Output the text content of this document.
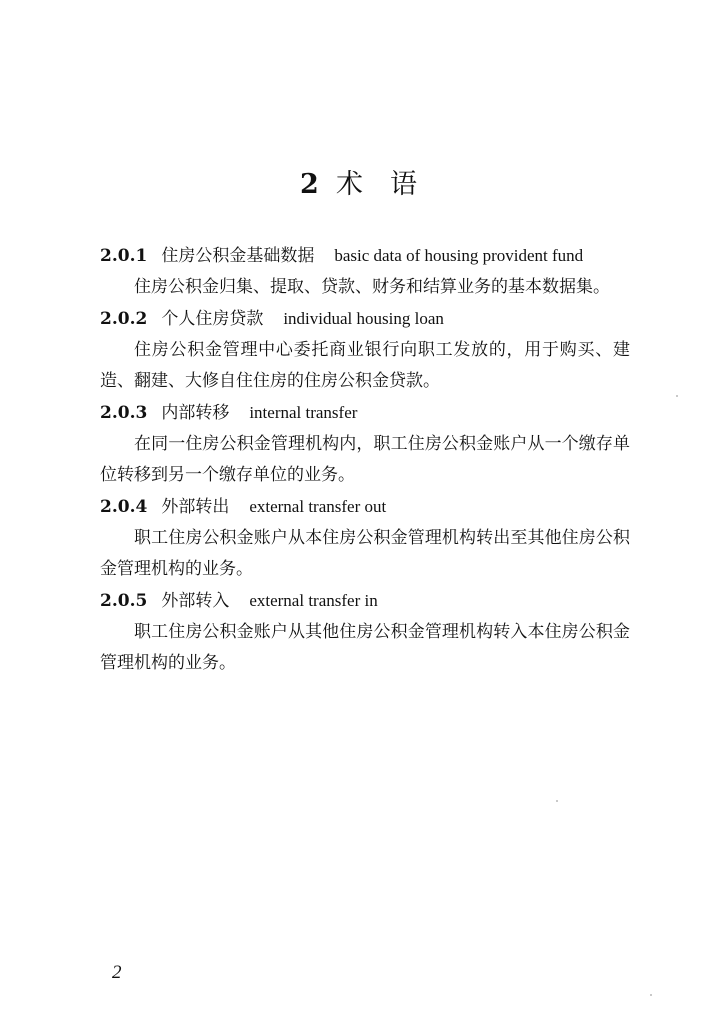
2 术　语
2.0.1 住房公积金基础数据 basic data of housing provident fund
住房公积金归集、提取、贷款、财务和结算业务的基本数据集。
2.0.2 个人住房贷款 individual housing loan
住房公积金管理中心委托商业银行向职工发放的，用于购买、建造、翻建、大修自住住房的住房公积金贷款。
2.0.3 内部转移 internal transfer
在同一住房公积金管理机构内，职工住房公积金账户从一个缴存单位转移到另一个缴存单位的业务。
2.0.4 外部转出 external transfer out
职工住房公积金账户从本住房公积金管理机构转出至其他住房公积金管理机构的业务。
2.0.5 外部转入 external transfer in
职工住房公积金账户从其他住房公积金管理机构转入本住房公积金管理机构的业务。
2
